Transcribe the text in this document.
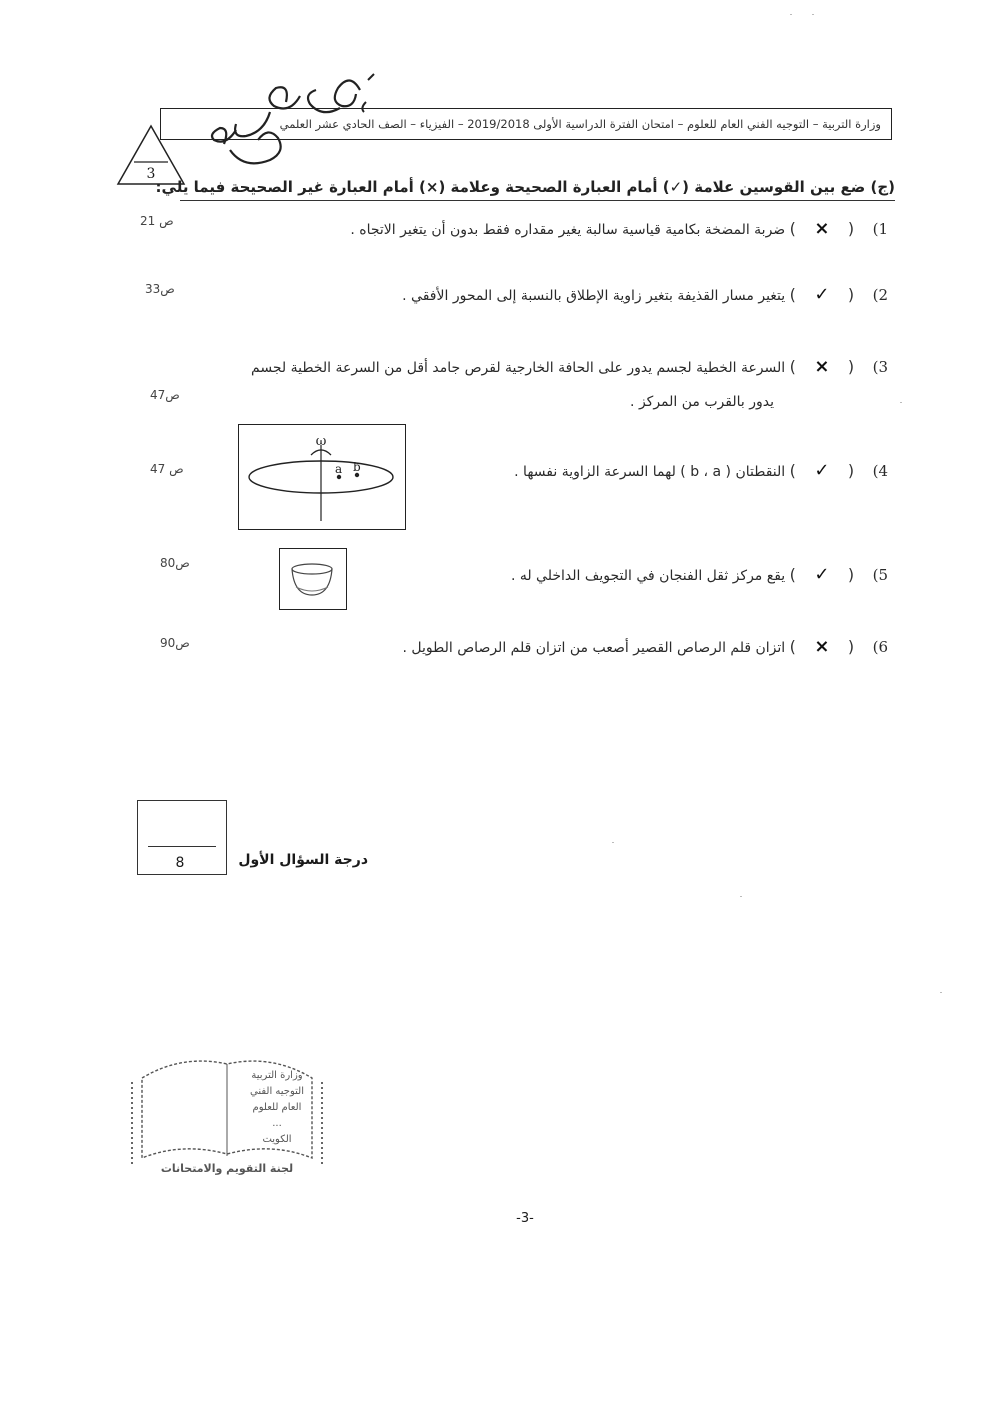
وزارة التربية – التوجيه الفني العام للعلوم – امتحان الفترة الدراسية الأولى 2019/2018 – الفيزياء – الصف الحادي عشر العلمي
3
(ج) ضع بين القوسين علامة (✓) أمام العبارة الصحيحة وعلامة (×) أمام العبارة غير الصحيحة فيما يلي:
1) ( × ) ضربة المضخة بكامية قياسية سالبة يغير مقداره فقط بدون أن يتغير الاتجاه .
ص 21
2) ( ✓ ) يتغير مسار القذيفة بتغير زاوية الإطلاق بالنسبة إلى المحور الأفقي .
ص33
3) ( × ) السرعة الخطية لجسم يدور على الحافة الخارجية لقرص جامد أقل من السرعة الخطية لجسم
يدور بالقرب من المركز .
ص47
4) ( ✓ ) النقطتان ( b ، a ) لهما السرعة الزاوية نفسها .
ص 47
ω
a b
5) ( ✓ ) يقع مركز ثقل الفنجان في التجويف الداخلي له .
ص80
6) ( × ) اتزان قلم الرصاص القصير أصعب من اتزان قلم الرصاص الطويل .
ص90
8	درجة السؤال الأول
وزارة التربية
التوجيه الفني
العام للعلوم
...
الكويت
لجنة التقويم والامتحانات
-3-
